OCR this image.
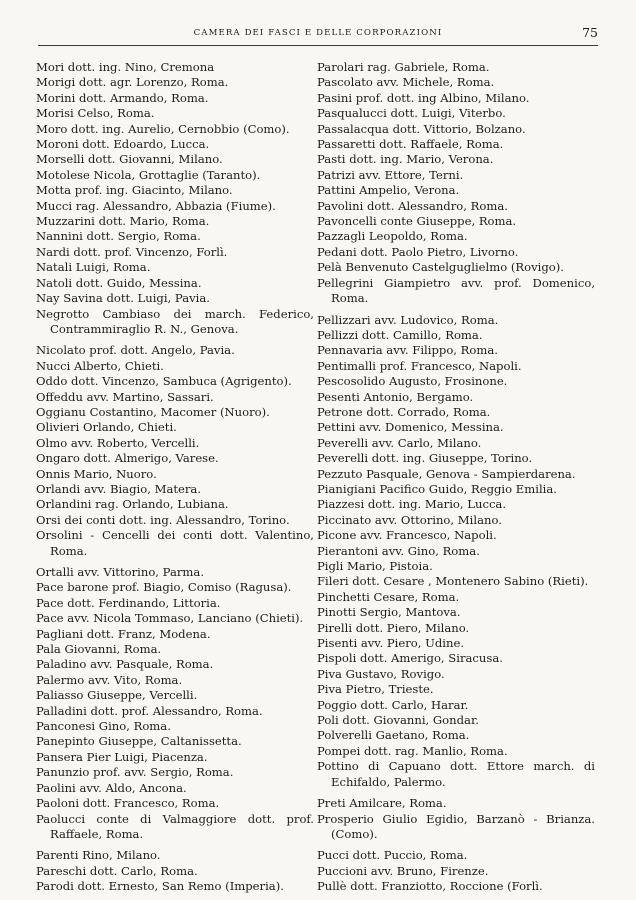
CAMERA DEI FASCI E DELLE CORPORAZIONI	75
Mori dott. ing. Nino, Cremona
Morigi dott. agr. Lorenzo, Roma.
Morini dott. Armando, Roma.
Morisi Celso, Roma.
Moro dott. ing. Aurelio, Cernobbio (Como).
Moroni dott. Edoardo, Lucca.
Morselli dott. Giovanni, Milano.
Motolese Nicola, Grottaglie (Taranto).
Motta prof. ing. Giacinto, Milano.
Mucci rag. Alessandro, Abbazia (Fiume).
Muzzarini dott. Mario, Roma.
Nannini dott. Sergio, Roma.
Nardi dott. prof. Vincenzo, Forlì.
Natali Luigi, Roma.
Natoli dott. Guido, Messina.
Nay Savina dott. Luigi, Pavia.
Negrotto Cambiaso dei march. Federico, Contrammiraglio R. N., Genova.
Nicolato prof. dott. Angelo, Pavia.
Nucci Alberto, Chieti.
Oddo dott. Vincenzo, Sambuca (Agrigento).
Offeddu avv. Martino, Sassari.
Oggianu Costantino, Macomer (Nuoro).
Olivieri Orlando, Chieti.
Olmo avv. Roberto, Vercelli.
Ongaro dott. Almerigo, Varese.
Onnis Mario, Nuoro.
Orlandi avv. Biagio, Matera.
Orlandini rag. Orlando, Lubiana.
Orsi dei conti dott. ing. Alessandro, Torino.
Orsolini - Cencelli dei conti dott. Valentino, Roma.
Ortalli avv. Vittorino, Parma.
Pace barone prof. Biagio, Comiso (Ragusa).
Pace dott. Ferdinando, Littoria.
Pace avv. Nicola Tommaso, Lanciano (Chieti).
Pagliani dott. Franz, Modena.
Pala Giovanni, Roma.
Paladino avv. Pasquale, Roma.
Palermo avv. Vito, Roma.
Paliasso Giuseppe, Vercelli.
Palladini dott. prof. Alessandro, Roma.
Panconesi Gino, Roma.
Panepinto Giuseppe, Caltanissetta.
Pansera Pier Luigi, Piacenza.
Panunzio prof. avv. Sergio, Roma.
Paolini avv. Aldo, Ancona.
Paoloni dott. Francesco, Roma.
Paolucci conte di Valmaggiore dott. prof. Raffaele, Roma.
Parenti Rino, Milano.
Pareschi dott. Carlo, Roma.
Parodi dott. Ernesto, San Remo (Imperia).
Parolari rag. Gabriele, Roma.
Pascolato avv. Michele, Roma.
Pasini prof. dott. ing Albino, Milano.
Pasqualucci dott. Luigi, Viterbo.
Passalacqua dott. Vittorio, Bolzano.
Passaretti dott. Raffaele, Roma.
Pasti dott. ing. Mario, Verona.
Patrizi avv. Ettore, Terni.
Pattini Ampelio, Verona.
Pavolini dott. Alessandro, Roma.
Pavoncelli conte Giuseppe, Roma.
Pazzagli Leopoldo, Roma.
Pedani dott. Paolo Pietro, Livorno.
Pelà Benvenuto Castelguglielmo (Rovigo).
Pellegrini Giampietro avv. prof. Domenico, Roma.
Pellizzari avv. Ludovico, Roma.
Pellizzi dott. Camillo, Roma.
Pennavaria avv. Filippo, Roma.
Pentimalli prof. Francesco, Napoli.
Pescosolido Augusto, Frosinone.
Pesenti Antonio, Bergamo.
Petrone dott. Corrado, Roma.
Pettini avv. Domenico, Messina.
Peverelli avv. Carlo, Milano.
Peverelli dott. ing. Giuseppe, Torino.
Pezzuto Pasquale, Genova - Sampierdarena.
Pianigiani Pacifico Guido, Reggio Emilia.
Piazzesi dott. ing. Mario, Lucca.
Piccinato avv. Ottorino, Milano.
Picone avv. Francesco, Napoli.
Pierantoni avv. Gino, Roma.
Pigli Mario, Pistoia.
Fileri dott. Cesare , Montenero Sabino (Rieti).
Pinchetti Cesare, Roma.
Pinotti Sergio, Mantova.
Pirelli dott. Piero, Milano.
Pisenti avv. Piero, Udine.
Pispoli dott. Amerigo, Siracusa.
Piva Gustavo, Rovigo.
Piva Pietro, Trieste.
Poggio dott. Carlo, Harar.
Poli dott. Giovanni, Gondar.
Polverelli Gaetano, Roma.
Pompei dott. rag. Manlio, Roma.
Pottino di Capuano dott. Ettore march. di Echifaldo, Palermo.
Preti Amilcare, Roma.
Prosperio Giulio Egidio, Barzanò - Brianza. (Como).
Pucci dott. Puccio, Roma.
Puccioni avv. Bruno, Firenze.
Pullè dott. Franziotto, Roccione (Forlì.
